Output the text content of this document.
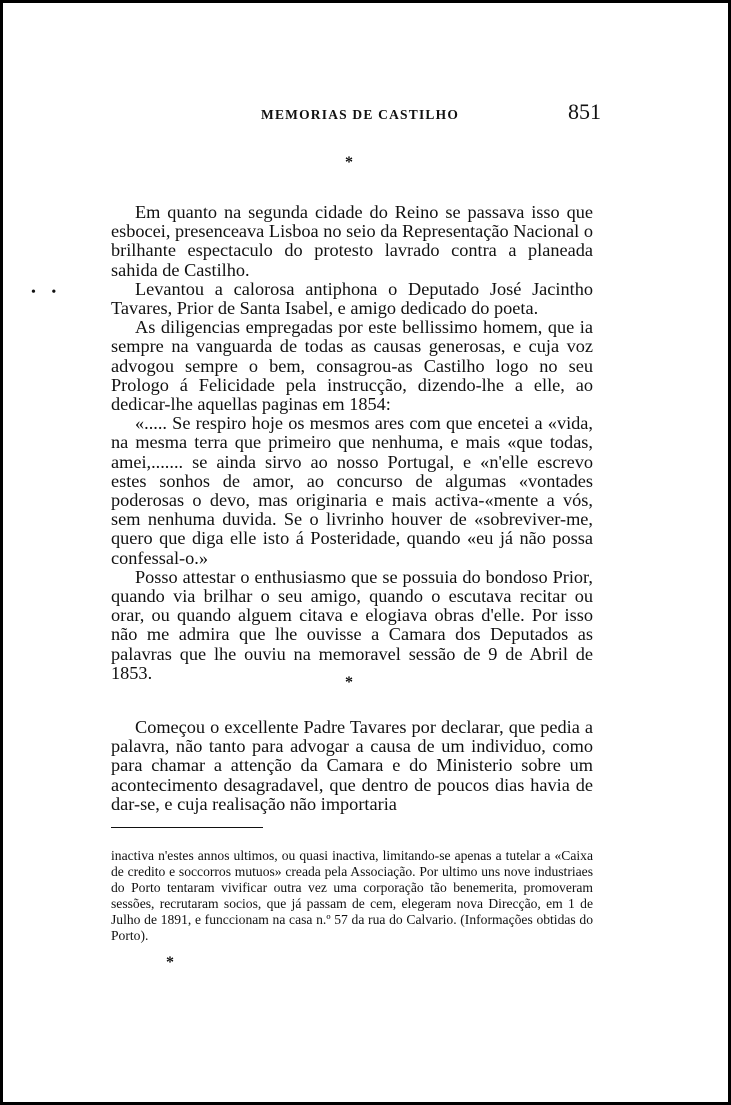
MEMORIAS DE CASTILHO	851
• •
*

Em quanto na segunda cidade do Reino se passava isso que esbocei, presenceava Lisboa no seio da Representação Nacional o brilhante espectaculo do protesto lavrado contra a planeada sahida de Castilho.

Levantou a calorosa antiphona o Deputado José Jacintho Tavares, Prior de Santa Isabel, e amigo dedicado do poeta.

As diligencias empregadas por este bellissimo homem, que ia sempre na vanguarda de todas as causas generosas, e cuja voz advogou sempre o bem, consagrou-as Castilho logo no seu Prologo á Felicidade pela instrucção, dizendo-lhe a elle, ao dedicar-lhe aquellas paginas em 1854:

«..... Se respiro hoje os mesmos ares com que encetei a «vida, na mesma terra que primeiro que nenhuma, e mais «que todas, amei,....... se ainda sirvo ao nosso Portugal, e «n'elle escrevo estes sonhos de amor, ao concurso de algumas «vontades poderosas o devo, mas originaria e mais activa-«mente a vós, sem nenhuma duvida. Se o livrinho houver de «sobreviver-me, quero que diga elle isto á Posteridade, quando «eu já não possa confessal-o.»

Posso attestar o enthusiasmo que se possuia do bondoso Prior, quando via brilhar o seu amigo, quando o escutava recitar ou orar, ou quando alguem citava e elogiava obras d'elle. Por isso não me admira que lhe ouvisse a Camara dos Deputados as palavras que lhe ouviu na memoravel sessão de 9 de Abril de 1853.	*

Começou o excellente Padre Tavares por declarar, que pedia a palavra, não tanto para advogar a causa de um individuo, como para chamar a attenção da Camara e do Ministerio sobre um acontecimento desagradavel, que dentro de poucos dias havia de dar-se, e cuja realisação não importaria

inactiva n'estes annos ultimos, ou quasi inactiva, limitando-se apenas a tutelar a «Caixa de credito e soccorros mutuos» creada pela Associação. Por ultimo uns nove industriaes do Porto tentaram vivificar outra vez uma corporação tão benemerita, promoveram sessões, recrutaram socios, que já passam de cem, elegeram nova Direcção, em 1 de Julho de 1891, e funccionam na casa n.º 57 da rua do Calvario. (Informações obtidas do Porto).

*
